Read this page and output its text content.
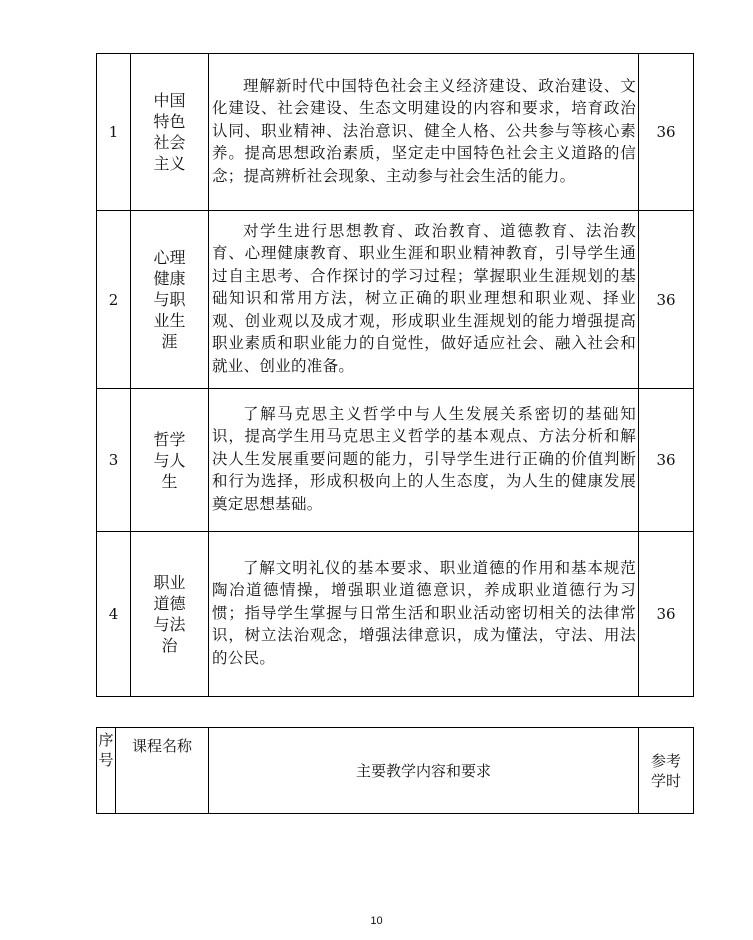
1	中国特色社会主义	理解新时代中国特色社会主义经济建设、政治建设、文化建设、社会建设、生态文明建设的内容和要求，培育政治认同、职业精神、法治意识、健全人格、公共参与等核心素养。提高思想政治素质，坚定走中国特色社会主义道路的信念；提高辨析社会现象、主动参与社会生活的能力。	36
2	心理健康与职业生涯	对学生进行思想教育、政治教育、道德教育、法治教育、心理健康教育、职业生涯和职业精神教育，引导学生通过自主思考、合作探讨的学习过程；掌握职业生涯规划的基础知识和常用方法，树立正确的职业理想和职业观、择业观、创业观以及成才观，形成职业生涯规划的能力增强提高职业素质和职业能力的自觉性，做好适应社会、融入社会和就业、创业的准备。	36
3	哲学与人生	了解马克思主义哲学中与人生发展关系密切的基础知识，提高学生用马克思主义哲学的基本观点、方法分析和解决人生发展重要问题的能力，引导学生进行正确的价值判断和行为选择，形成积极向上的人生态度，为人生的健康发展奠定思想基础。	36
4	职业道德与法治	了解文明礼仪的基本要求、职业道德的作用和基本规范陶冶道德情操，增强职业道德意识，养成职业道德行为习惯；指导学生掌握与日常生活和职业活动密切相关的法律常识，树立法治观念，增强法律意识，成为懂法，守法、用法的公民。	36
序号	课程名称	主要教学内容和要求	参考学时
10
